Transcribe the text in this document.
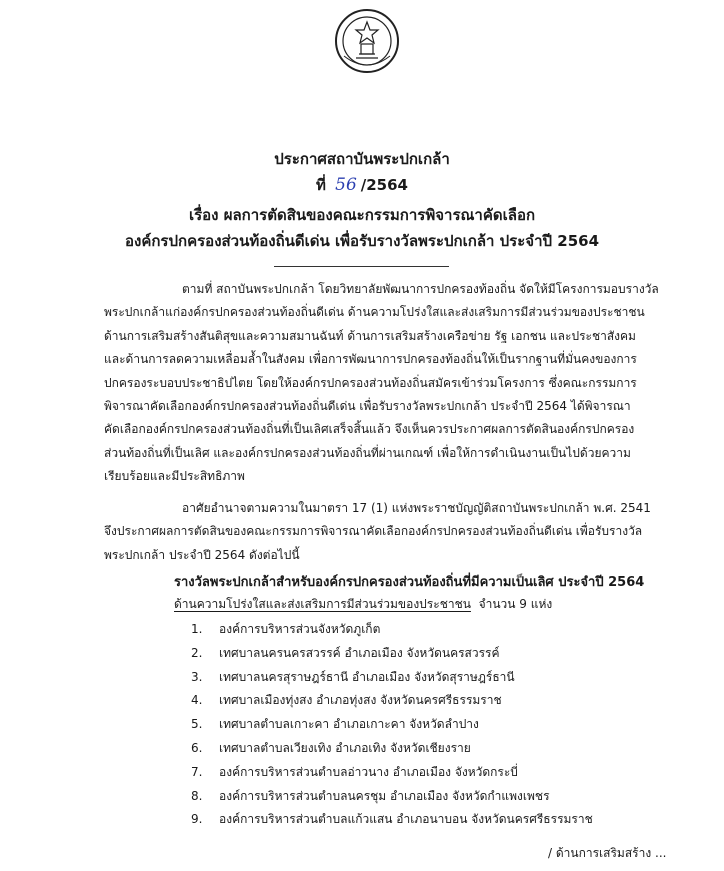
ประกาศสถาบันพระปกเกล้า
ที่ 56 /2564
เรื่อง ผลการตัดสินของคณะกรรมการพิจารณาคัดเลือก
องค์กรปกครองส่วนท้องถิ่นดีเด่น เพื่อรับรางวัลพระปกเกล้า ประจำปี 2564

ตามที่ สถาบันพระปกเกล้า โดยวิทยาลัยพัฒนาการปกครองท้องถิ่น จัดให้มีโครงการมอบรางวัล
พระปกเกล้าแก่องค์กรปกครองส่วนท้องถิ่นดีเด่น ด้านความโปร่งใสและส่งเสริมการมีส่วนร่วมของประชาชน
ด้านการเสริมสร้างสันติสุขและความสมานฉันท์ ด้านการเสริมสร้างเครือข่าย รัฐ เอกชน และประชาสังคม
และด้านการลดความเหลื่อมล้ำในสังคม เพื่อการพัฒนาการปกครองท้องถิ่นให้เป็นรากฐานที่มั่นคงของการ
ปกครองระบอบประชาธิปไตย โดยให้องค์กรปกครองส่วนท้องถิ่นสมัครเข้าร่วมโครงการ ซึ่งคณะกรรมการ
พิจารณาคัดเลือกองค์กรปกครองส่วนท้องถิ่นดีเด่น เพื่อรับรางวัลพระปกเกล้า ประจำปี 2564 ได้พิจารณา
คัดเลือกองค์กรปกครองส่วนท้องถิ่นที่เป็นเลิศเสร็จสิ้นแล้ว จึงเห็นควรประกาศผลการตัดสินองค์กรปกครอง
ส่วนท้องถิ่นที่เป็นเลิศ และองค์กรปกครองส่วนท้องถิ่นที่ผ่านเกณฑ์ เพื่อให้การดำเนินงานเป็นไปด้วยความ
เรียบร้อยและมีประสิทธิภาพ

อาศัยอำนาจตามความในมาตรา 17 (1) แห่งพระราชบัญญัติสถาบันพระปกเกล้า พ.ศ. 2541
จึงประกาศผลการตัดสินของคณะกรรมการพิจารณาคัดเลือกองค์กรปกครองส่วนท้องถิ่นดีเด่น เพื่อรับรางวัล
พระปกเกล้า ประจำปี 2564 ดังต่อไปนี้

รางวัลพระปกเกล้าสำหรับองค์กรปกครองส่วนท้องถิ่นที่มีความเป็นเลิศ ประจำปี 2564
ด้านความโปร่งใสและส่งเสริมการมีส่วนร่วมของประชาชน จำนวน 9 แห่ง
1. องค์การบริหารส่วนจังหวัดภูเก็ต
2. เทศบาลนครนครสวรรค์ อำเภอเมือง จังหวัดนครสวรรค์
3. เทศบาลนครสุราษฎร์ธานี อำเภอเมือง จังหวัดสุราษฎร์ธานี
4. เทศบาลเมืองทุ่งสง อำเภอทุ่งสง จังหวัดนครศรีธรรมราช
5. เทศบาลตำบลเกาะคา อำเภอเกาะคา จังหวัดลำปาง
6. เทศบาลตำบลเวียงเทิง อำเภอเทิง จังหวัดเชียงราย
7. องค์การบริหารส่วนตำบลอ่าวนาง อำเภอเมือง จังหวัดกระบี่
8. องค์การบริหารส่วนตำบลนครชุม อำเภอเมือง จังหวัดกำแพงเพชร
9. องค์การบริหารส่วนตำบลแก้วแสน อำเภอนาบอน จังหวัดนครศรีธรรมราช
/ ด้านการเสริมสร้าง ...
